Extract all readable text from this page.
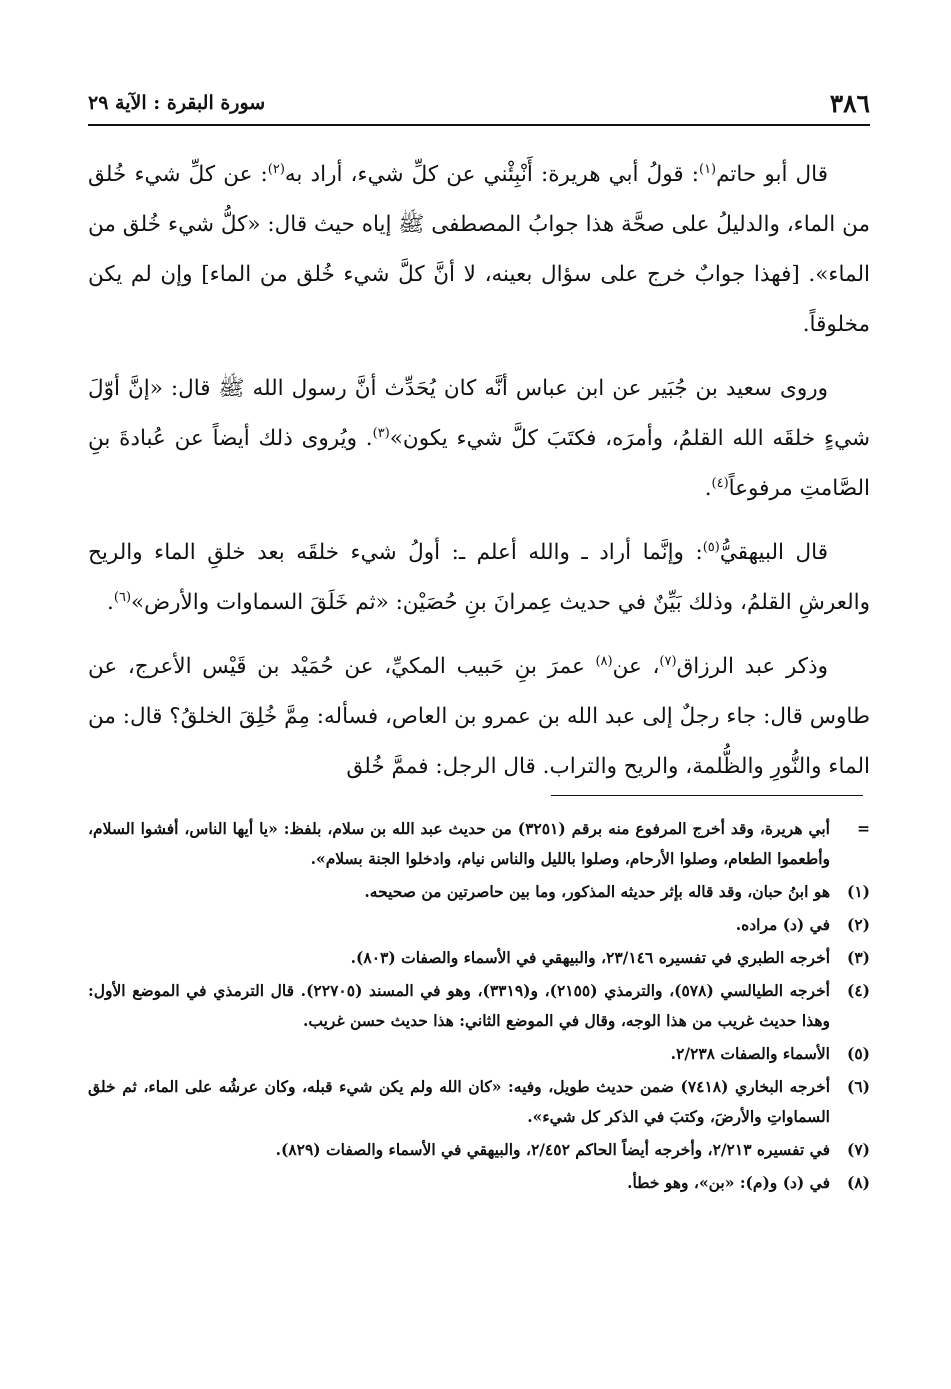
٣٨٦
سورة البقرة : الآية ٢٩

قال أبو حاتم$^{(١)}$: قولُ أبي هريرة: أَنْبِئْني عن كلِّ شيء، أراد به$^{(٢)}$: عن كلِّ شيء خُلق من الماء، والدليلُ على صحَّة هذا جوابُ المصطفى ﷺ إياه حيث قال: «كلُّ شيء خُلق من الماء». [فهذا جوابٌ خرج على سؤال بعينه، لا أنَّ كلَّ شيء خُلق من الماء] وإن لم يكن مخلوقاً.

وروى سعيد بن جُبَير عن ابن عباس أنَّه كان يُحَدِّث أنَّ رسول الله ﷺ قال: «إنَّ أوّلَ شيءٍ خلقَه الله القلمُ، وأمرَه، فكتَبَ كلَّ شيء يكون»$^{(٣)}$. ويُروى ذلك أيضاً عن عُبادةَ بنِ الصَّامتِ مرفوعاً$^{(٤)}$.

قال البيهقيُّ$^{(٥)}$: وإنَّما أراد ـ والله أعلم ـ: أولُ شيء خلقَه بعد خلقِ الماء والريح والعرشِ القلمُ، وذلك بَيِّنٌ في حديث عِمرانَ بنِ حُصَيْن: «ثم خَلَقَ السماوات والأرض»$^{(٦)}$.

وذكر عبد الرزاق$^{(٧)}$، عن$^{(٨)}$ عمرَ بنِ حَبيب المكيِّ، عن حُمَيْد بن قَيْس الأعرج، عن طاوس قال: جاء رجلٌ إلى عبد الله بن عمرو بن العاص، فسأله: مِمَّ خُلِقَ الخلقُ؟ قال: من الماء والنُّورِ والظُّلمة، والريح والتراب. قال الرجل: فممَّ خُلق

=
أبي هريرة، وقد أخرج المرفوع منه برقم (٣٢٥١) من حديث عبد الله بن سلام، بلفظ: «يا أيها الناس، أفشوا السلام، وأطعموا الطعام، وصلوا الأرحام، وصلوا بالليل والناس نيام، وادخلوا الجنة بسلام».
(١)
هو ابنُ حبان، وقد قاله بإثر حديثه المذكور، وما بين حاصرتين من صحيحه.
(٢)
في (د) مراده.
(٣)
أخرجه الطبري في تفسيره ٢٣/١٤٦، والبيهقي في الأسماء والصفات (٨٠٣).
(٤)
أخرجه الطيالسي (٥٧٨)، والترمذي (٢١٥٥)، و(٣٣١٩)، وهو في المسند (٢٢٧٠٥). قال الترمذي في الموضع الأول: وهذا حديث غريب من هذا الوجه، وقال في الموضع الثاني: هذا حديث حسن غريب.
(٥)
الأسماء والصفات ٢/٢٣٨.
(٦)
أخرجه البخاري (٧٤١٨) ضمن حديث طويل، وفيه: «كان الله ولم يكن شيء قبله، وكان عرشُه على الماء، ثم خلق السماواتِ والأرضَ، وكتبَ في الذكر كل شيء».
(٧)
في تفسيره ٢/٢١٣، وأخرجه أيضاً الحاكم ٢/٤٥٢، والبيهقي في الأسماء والصفات (٨٢٩).
(٨)
في (د) و(م): «بن»، وهو خطأ.
